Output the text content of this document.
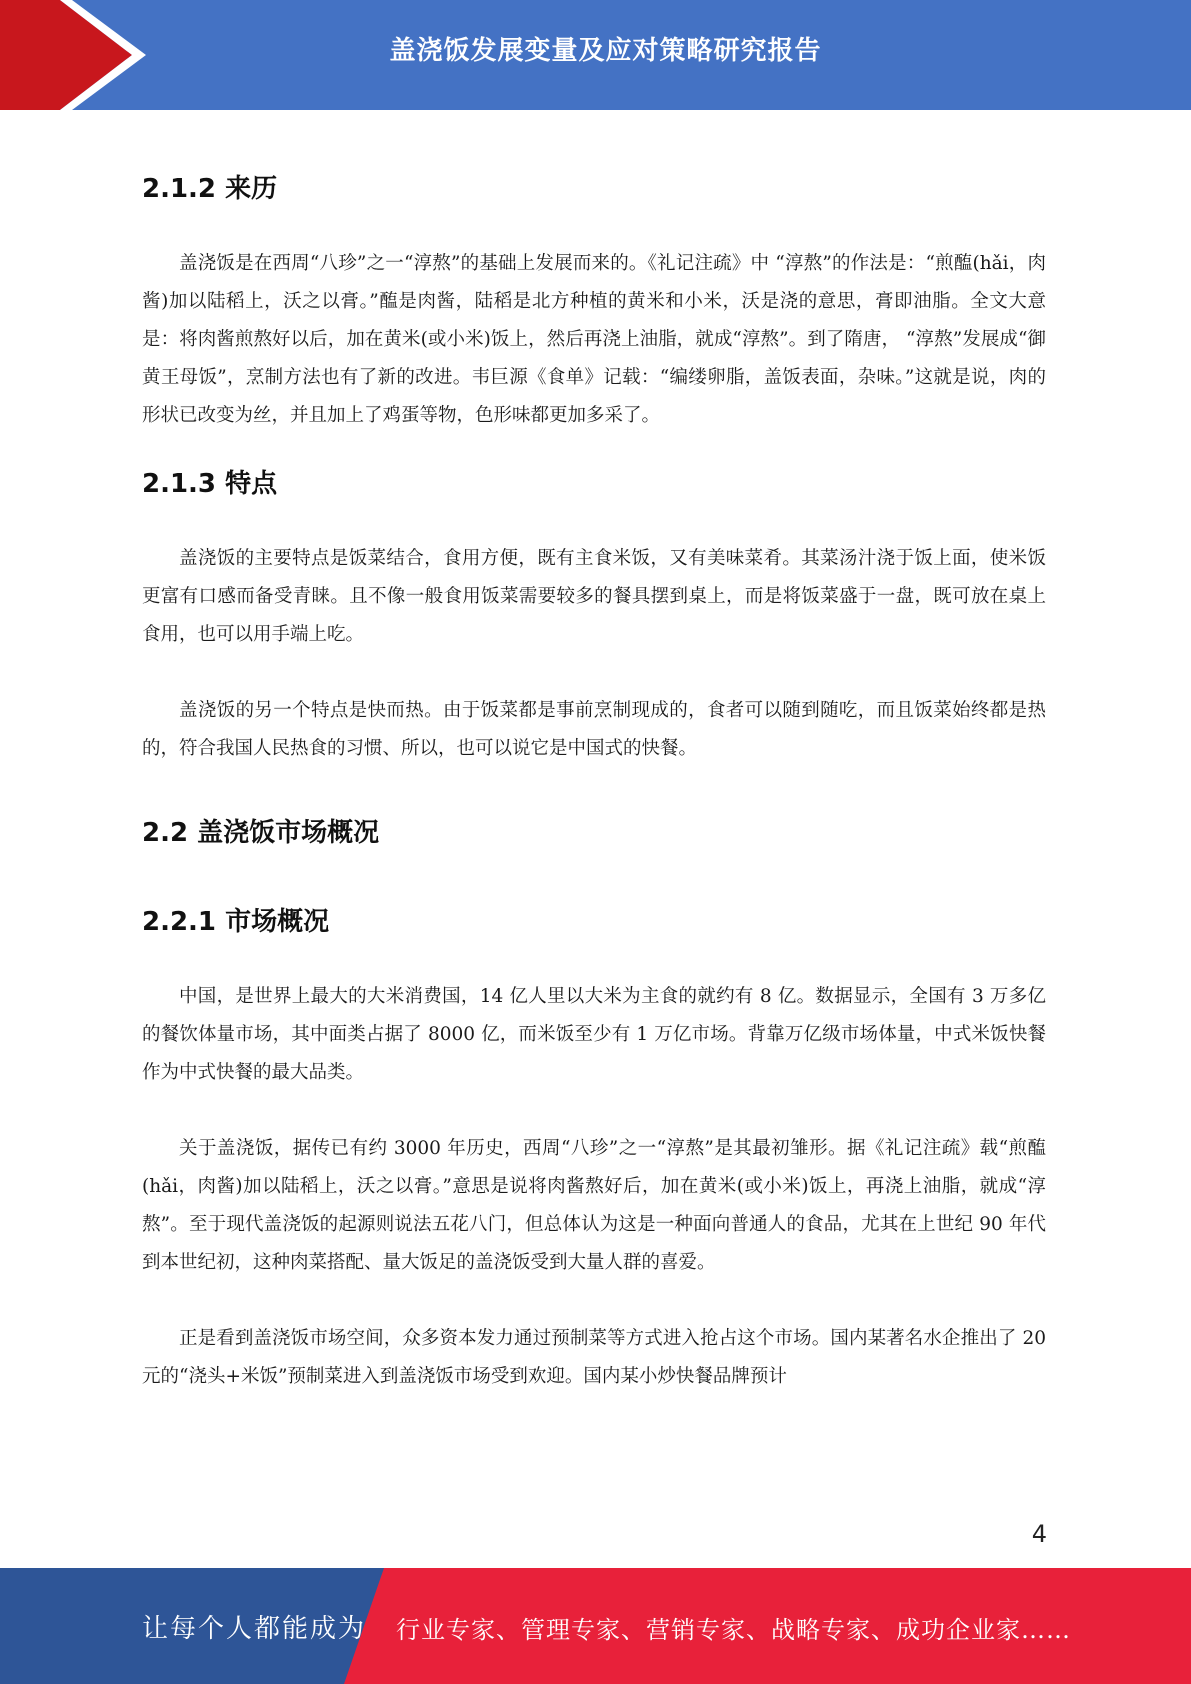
盖浇饭发展变量及应对策略研究报告
2.1.2 来历

盖浇饭是在西周“八珍”之一“淳熬”的基础上发展而来的。《礼记注疏》中 “淳熬”的作法是：“煎醢(hǎi，肉酱)加以陆稻上，沃之以膏。”醢是肉酱，陆稻是北方种植的黄米和小米，沃是浇的意思，膏即油脂。全文大意是：将肉酱煎熬好以后，加在黄米(或小米)饭上，然后再浇上油脂，就成“淳熬”。到了隋唐， “淳熬”发展成“御黄王母饭”，烹制方法也有了新的改进。韦巨源《食单》记载：“编缕卵脂，盖饭表面，杂味。”这就是说，肉的形状已改变为丝，并且加上了鸡蛋等物，色形味都更加多采了。

2.1.3 特点

盖浇饭的主要特点是饭菜结合，食用方便，既有主食米饭，又有美味菜肴。其菜汤汁浇于饭上面，使米饭更富有口感而备受青睐。且不像一般食用饭菜需要较多的餐具摆到桌上，而是将饭菜盛于一盘，既可放在桌上食用，也可以用手端上吃。

盖浇饭的另一个特点是快而热。由于饭菜都是事前烹制现成的，食者可以随到随吃，而且饭菜始终都是热的，符合我国人民热食的习惯、所以，也可以说它是中国式的快餐。

2.2 盖浇饭市场概况
2.2.1 市场概况

中国，是世界上最大的大米消费国，14 亿人里以大米为主食的就约有 8 亿。数据显示，全国有 3 万多亿的餐饮体量市场，其中面类占据了 8000 亿，而米饭至少有 1 万亿市场。背靠万亿级市场体量，中式米饭快餐作为中式快餐的最大品类。

关于盖浇饭，据传已有约 3000 年历史，西周“八珍”之一“淳熬”是其最初雏形。据《礼记注疏》载“煎醢(hǎi，肉酱)加以陆稻上，沃之以膏。”意思是说将肉酱熬好后，加在黄米(或小米)饭上，再浇上油脂，就成“淳熬”。至于现代盖浇饭的起源则说法五花八门，但总体认为这是一种面向普通人的食品，尤其在上世纪 90 年代到本世纪初，这种肉菜搭配、量大饭足的盖浇饭受到大量人群的喜爱。

正是看到盖浇饭市场空间，众多资本发力通过预制菜等方式进入抢占这个市场。国内某著名水企推出了 20 元的“浇头+米饭”预制菜进入到盖浇饭市场受到欢迎。国内某小炒快餐品牌预计

4
让每个人都能成为 行业专家、管理专家、营销专家、战略专家、成功企业家……
